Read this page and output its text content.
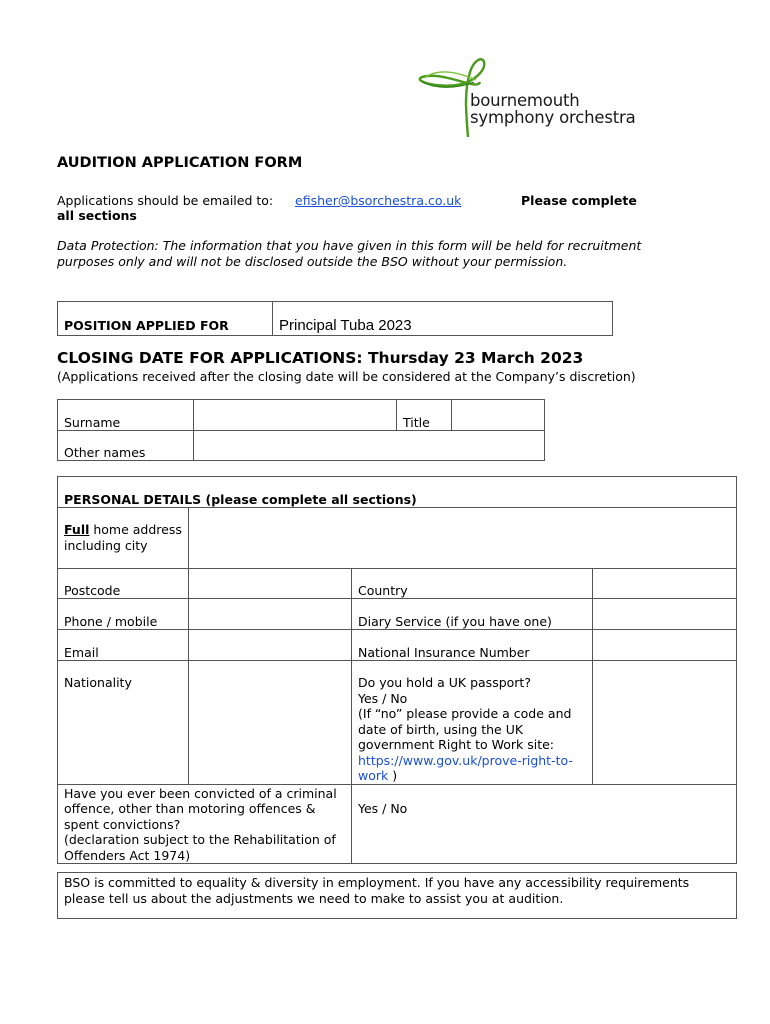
bournemouth
symphony orchestra
AUDITION APPLICATION FORM
Applications should be emailed to: efisher@bsorchestra.co.uk	Please complete
all sections
Data Protection: The information that you have given in this form will be held for recruitment purposes only and will not be disclosed outside the BSO without your permission.
POSITION APPLIED FOR	Principal Tuba 2023
CLOSING DATE FOR APPLICATIONS: Thursday 23 March 2023
(Applications received after the closing date will be considered at the Company’s discretion)
Surname		Title	
Other names			
PERSONAL DETAILS (please complete all sections)			
Full home address including city			
Postcode		Country	
Phone / mobile		Diary Service (if you have one)	
Email		National Insurance Number	
Nationality		Do you hold a UK passport?
Yes / No
(If “no” please provide a code and date of birth, using the UK government Right to Work site:
https://www.gov.uk/prove-right-to-work )	

Have you ever been convicted of a criminal offence, other than motoring offences & spent convictions?
(declaration subject to the Rehabilitation of Offenders Act 1974)		Yes / No	
BSO is committed to equality & diversity in employment. If you have any accessibility requirements please tell us about the adjustments we need to make to assist you at audition.
